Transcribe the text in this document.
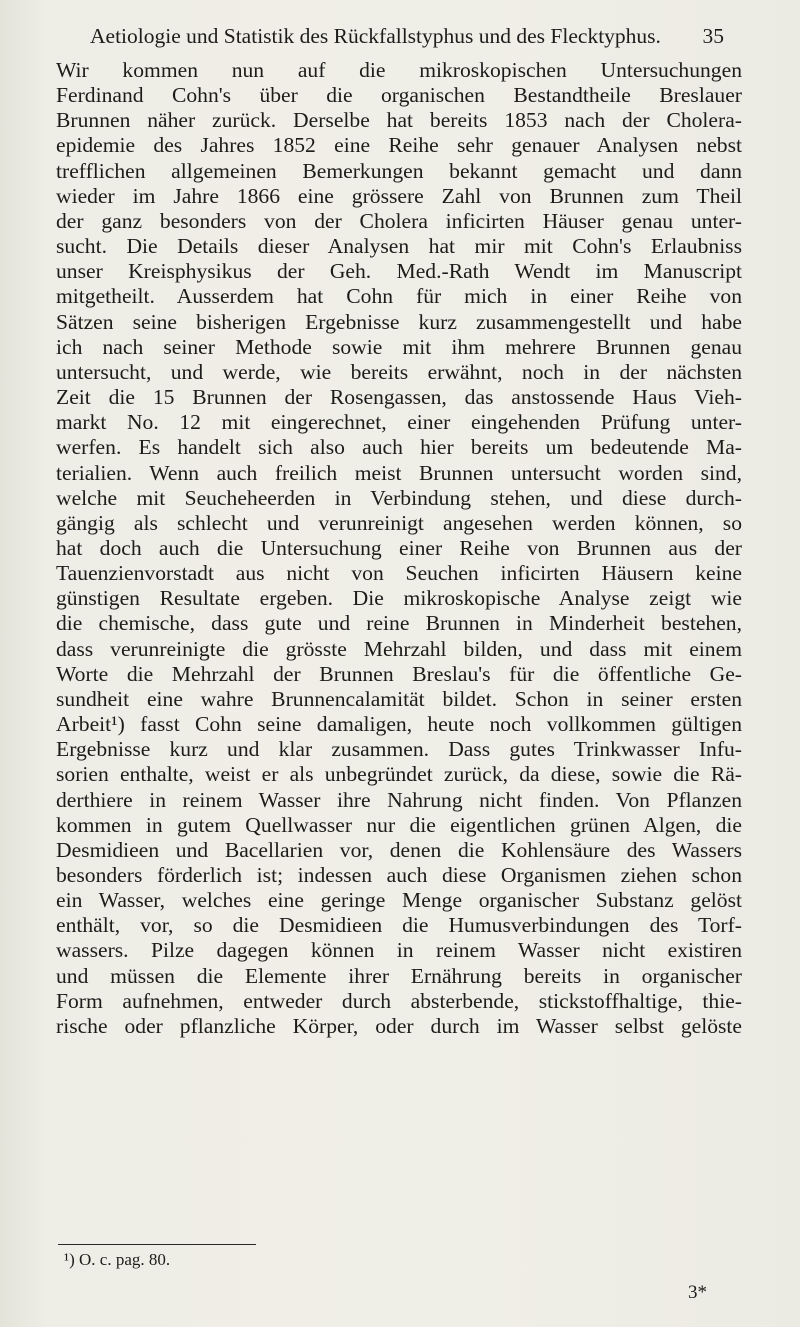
Aetiologie und Statistik des Rückfallstyphus und des Flecktyphus. 35
Wir kommen nun auf die mikroskopischen Untersuchungen
Ferdinand Cohn's über die organischen Bestandtheile Breslauer
Brunnen näher zurück. Derselbe hat bereits 1853 nach der Cholera-
epidemie des Jahres 1852 eine Reihe sehr genauer Analysen nebst
trefflichen allgemeinen Bemerkungen bekannt gemacht und dann
wieder im Jahre 1866 eine grössere Zahl von Brunnen zum Theil
der ganz besonders von der Cholera inficirten Häuser genau unter-
sucht. Die Details dieser Analysen hat mir mit Cohn's Erlaubniss
unser Kreisphysikus der Geh. Med.-Rath Wendt im Manuscript
mitgetheilt. Ausserdem hat Cohn für mich in einer Reihe von
Sätzen seine bisherigen Ergebnisse kurz zusammengestellt und habe
ich nach seiner Methode sowie mit ihm mehrere Brunnen genau
untersucht, und werde, wie bereits erwähnt, noch in der nächsten
Zeit die 15 Brunnen der Rosengassen, das anstossende Haus Vieh-
markt No. 12 mit eingerechnet, einer eingehenden Prüfung unter-
werfen. Es handelt sich also auch hier bereits um bedeutende Ma-
terialien. Wenn auch freilich meist Brunnen untersucht worden sind,
welche mit Seucheheerden in Verbindung stehen, und diese durch-
gängig als schlecht und verunreinigt angesehen werden können, so
hat doch auch die Untersuchung einer Reihe von Brunnen aus der
Tauenzienvorstadt aus nicht von Seuchen inficirten Häusern keine
günstigen Resultate ergeben. Die mikroskopische Analyse zeigt wie
die chemische, dass gute und reine Brunnen in Minderheit bestehen,
dass verunreinigte die grösste Mehrzahl bilden, und dass mit einem
Worte die Mehrzahl der Brunnen Breslau's für die öffentliche Ge-
sundheit eine wahre Brunnencalamität bildet. Schon in seiner ersten
Arbeit¹) fasst Cohn seine damaligen, heute noch vollkommen gültigen
Ergebnisse kurz und klar zusammen. Dass gutes Trinkwasser Infu-
sorien enthalte, weist er als unbegründet zurück, da diese, sowie die Rä-
derthiere in reinem Wasser ihre Nahrung nicht finden. Von Pflanzen
kommen in gutem Quellwasser nur die eigentlichen grünen Algen, die
Desmidieen und Bacellarien vor, denen die Kohlensäure des Wassers
besonders förderlich ist; indessen auch diese Organismen ziehen schon
ein Wasser, welches eine geringe Menge organischer Substanz gelöst
enthält, vor, so die Desmidieen die Humusverbindungen des Torf-
wassers. Pilze dagegen können in reinem Wasser nicht existiren
und müssen die Elemente ihrer Ernährung bereits in organischer
Form aufnehmen, entweder durch absterbende, stickstoffhaltige, thie-
rische oder pflanzliche Körper, oder durch im Wasser selbst gelöste
¹) O. c. pag. 80.
3*
